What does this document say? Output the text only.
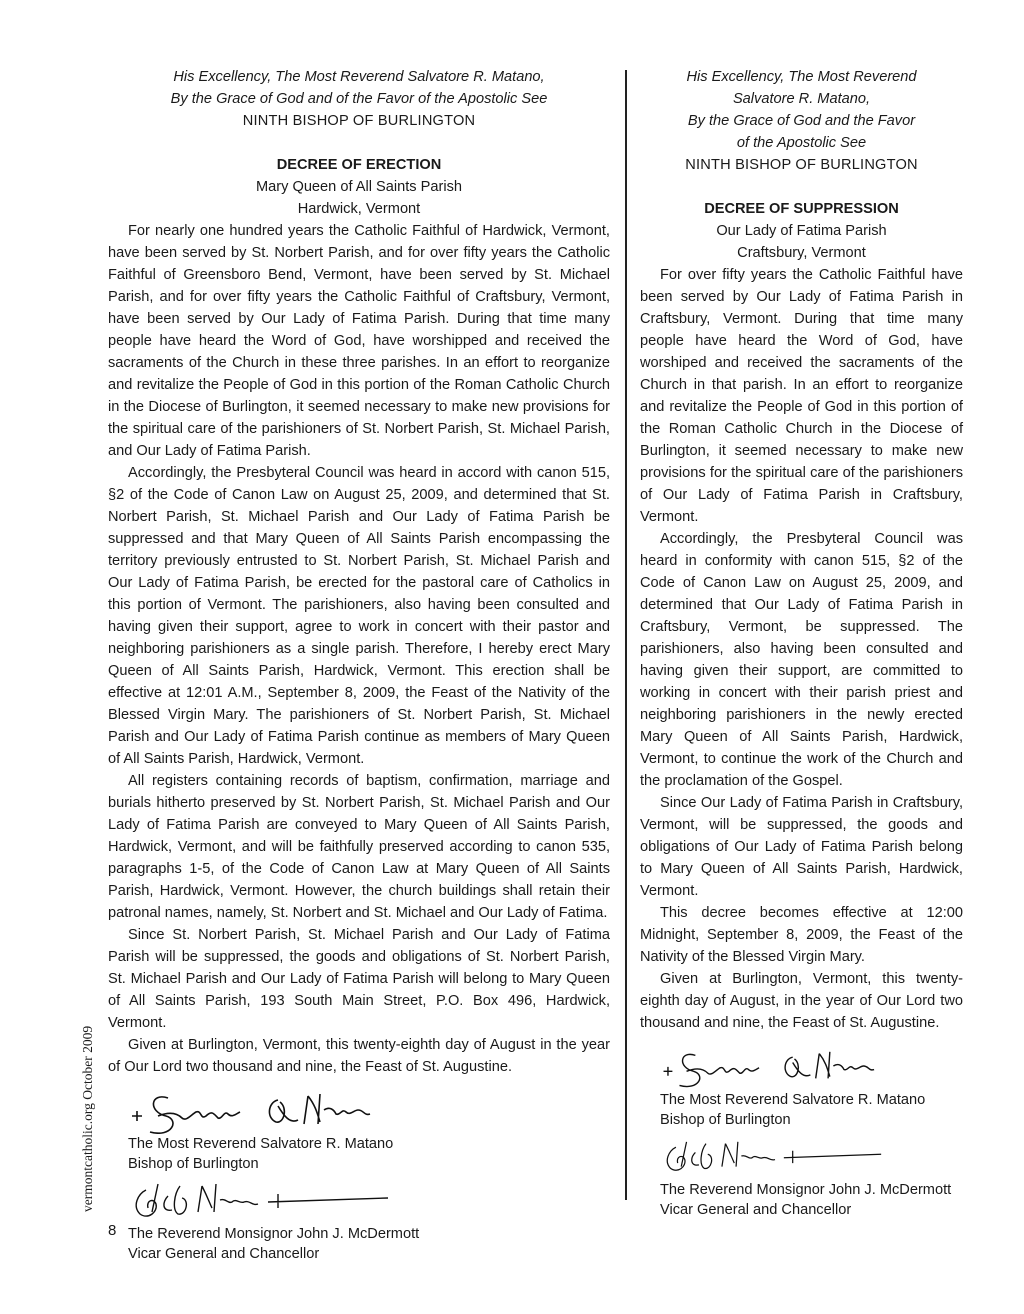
His Excellency, The Most Reverend Salvatore R. Matano,
By the Grace of God and of the Favor of the Apostolic See
NINTH BISHOP OF BURLINGTON
DECREE OF ERECTION
Mary Queen of All Saints Parish
Hardwick, Vermont

For nearly one hundred years the Catholic Faithful of Hardwick, Vermont, have been served by St. Norbert Parish, and for over fifty years the Catholic Faithful of Greensboro Bend, Vermont, have been served by St. Michael Parish, and for over fifty years the Catholic Faithful of Craftsbury, Vermont, have been served by Our Lady of Fatima Parish. During that time many people have heard the Word of God, have worshipped and received the sacraments of the Church in these three parishes. In an effort to reorganize and revitalize the People of God in this portion of the Roman Catholic Church in the Diocese of Burlington, it seemed necessary to make new provisions for the spiritual care of the parishioners of St. Norbert Parish, St. Michael Parish, and Our Lady of Fatima Parish.

Accordingly, the Presbyteral Council was heard in accord with canon 515, §2 of the Code of Canon Law on August 25, 2009, and determined that St. Norbert Parish, St. Michael Parish and Our Lady of Fatima Parish be suppressed and that Mary Queen of All Saints Parish encompassing the territory previously entrusted to St. Norbert Parish, St. Michael Parish and Our Lady of Fatima Parish, be erected for the pastoral care of Catholics in this portion of Vermont. The parishioners, also having been consulted and having given their support, agree to work in concert with their pastor and neighboring parishioners as a single parish. Therefore, I hereby erect Mary Queen of All Saints Parish, Hardwick, Vermont. This erection shall be effective at 12:01 A.M., September 8, 2009, the Feast of the Nativity of the Blessed Virgin Mary. The parishioners of St. Norbert Parish, St. Michael Parish and Our Lady of Fatima Parish continue as members of Mary Queen of All Saints Parish, Hardwick, Vermont.

All registers containing records of baptism, confirmation, marriage and burials hitherto preserved by St. Norbert Parish, St. Michael Parish and Our Lady of Fatima Parish are conveyed to Mary Queen of All Saints Parish, Hardwick, Vermont, and will be faithfully preserved according to canon 535, paragraphs 1-5, of the Code of Canon Law at Mary Queen of All Saints Parish, Hardwick, Vermont. However, the church buildings shall retain their patronal names, namely, St. Norbert and St. Michael and Our Lady of Fatima.

Since St. Norbert Parish, St. Michael Parish and Our Lady of Fatima Parish will be suppressed, the goods and obligations of St. Norbert Parish, St. Michael Parish and Our Lady of Fatima Parish will belong to Mary Queen of All Saints Parish, 193 South Main Street, P.O. Box 496, Hardwick, Vermont.

Given at Burlington, Vermont, this twenty-eighth day of August in the year of Our Lord two thousand and nine, the Feast of St. Augustine.

The Most Reverend Salvatore R. Matano
Bishop of Burlington
The Reverend Monsignor John J. McDermott
Vicar General and Chancellor
His Excellency, The Most Reverend
Salvatore R. Matano,
By the Grace of God and the Favor
of the Apostolic See
NINTH BISHOP OF BURLINGTON
DECREE OF SUPPRESSION
Our Lady of Fatima Parish
Craftsbury, Vermont

For over fifty years the Catholic Faithful have been served by Our Lady of Fatima Parish in Craftsbury, Vermont. During that time many people have heard the Word of God, have worshiped and received the sacraments of the Church in that parish. In an effort to reorganize and revitalize the People of God in this portion of the Roman Catholic Church in the Diocese of Burlington, it seemed necessary to make new provisions for the spiritual care of the parishioners of Our Lady of Fatima Parish in Craftsbury, Vermont.

Accordingly, the Presbyteral Council was heard in conformity with canon 515, §2 of the Code of Canon Law on August 25, 2009, and determined that Our Lady of Fatima Parish in Craftsbury, Vermont, be suppressed. The parishioners, also having been consulted and having given their support, are committed to working in concert with their parish priest and neighboring parishioners in the newly erected Mary Queen of All Saints Parish, Hardwick, Vermont, to continue the work of the Church and the proclamation of the Gospel.

Since Our Lady of Fatima Parish in Craftsbury, Vermont, will be suppressed, the goods and obligations of Our Lady of Fatima Parish belong to Mary Queen of All Saints Parish, Hardwick, Vermont.

This decree becomes effective at 12:00 Midnight, September 8, 2009, the Feast of the Nativity of the Blessed Virgin Mary.

Given at Burlington, Vermont, this twenty-eighth day of August, in the year of Our Lord two thousand and nine, the Feast of St. Augustine.

The Most Reverend Salvatore R. Matano
Bishop of Burlington
The Reverend Monsignor John J. McDermott
Vicar General and Chancellor
vermontcatholic.org October 2009
8
